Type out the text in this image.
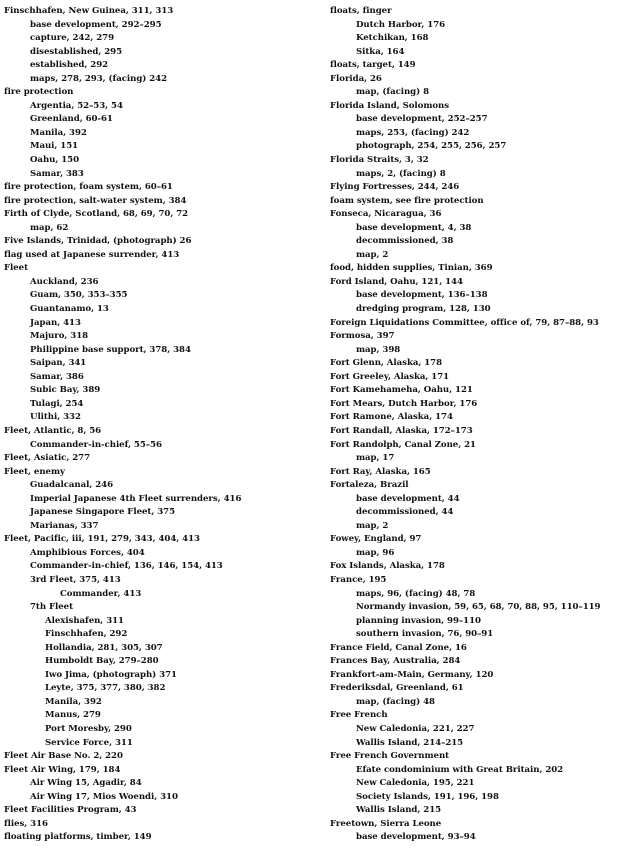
Finschhafen, New Guinea, 311, 313
base development, 292–295
capture, 242, 279
disestablished, 295
established, 292
maps, 278, 293, (facing) 242
fire protection
Argentia, 52–53, 54
Greenland, 60-61
Manila, 392
Maui, 151
Oahu, 150
Samar, 383
fire protection, foam system, 60–61
fire protection, salt-water system, 384
Firth of Clyde, Scotland, 68, 69, 70, 72
map, 62
Five Islands, Trinidad, (photograph) 26
flag used at Japanese surrender, 413
Fleet
Auckland, 236
Guam, 350, 353–355
Guantanamo, 13
Japan, 413
Majuro, 318
Philippine base support, 378, 384
Saipan, 341
Samar, 386
Subic Bay, 389
Tulagi, 254
Ulithi, 332
Fleet, Atlantic, 8, 56
Commander-in-chief, 55–56
Fleet, Asiatic, 277
Fleet, enemy
Guadalcanal, 246
Imperial Japanese 4th Fleet surrenders, 416
Japanese Singapore Fleet, 375
Marianas, 337
Fleet, Pacific, iii, 191, 279, 343, 404, 413
Amphibious Forces, 404
Commander-in-chief, 136, 146, 154, 413
3rd Fleet, 375, 413
Commander, 413
7th Fleet
Alexishafen, 311
Finschhafen, 292
Hollandia, 281, 305, 307
Humboldt Bay, 279–280
Iwo Jima, (photograph) 371
Leyte, 375, 377, 380, 382
Manila, 392
Manus, 279
Port Moresby, 290
Service Force, 311
Fleet Air Base No. 2, 220
Fleet Air Wing, 179, 184
Air Wing 15, Agadir, 84
Air Wing 17, Mios Woendi, 310
Fleet Facilities Program, 43
flies, 316
floating platforms, timber, 149
floats, finger
Dutch Harbor, 176
Ketchikan, 168
Sitka, 164
floats, target, 149
Florida, 26
map, (facing) 8
Florida Island, Solomons
base development, 252–257
maps, 253, (facing) 242
photograph, 254, 255, 256, 257
Florida Straits, 3, 32
maps, 2, (facing) 8
Flying Fortresses, 244, 246
foam system, see fire protection
Fonseca, Nicaragua, 36
base development, 4, 38
decommissioned, 38
map, 2
food, hidden supplies, Tinian, 369
Ford Island, Oahu, 121, 144
base development, 136–138
dredging program, 128, 130
Foreign Liquidations Committee, office of, 79, 87–88, 93
Formosa, 397
map, 398
Fort Glenn, Alaska, 178
Fort Greeley, Alaska, 171
Fort Kamehameha, Oahu, 121
Fort Mears, Dutch Harbor, 176
Fort Ramone, Alaska, 174
Fort Randall, Alaska, 172–173
Fort Randolph, Canal Zone, 21
map, 17
Fort Ray, Alaska, 165
Fortaleza, Brazil
base development, 44
decommissioned, 44
map, 2
Fowey, England, 97
map, 96
Fox Islands, Alaska, 178
France, 195
maps, 96, (facing) 48, 78
Normandy invasion, 59, 65, 68, 70, 88, 95, 110–119
planning invasion, 99–110
southern invasion, 76, 90–91
France Field, Canal Zone, 16
Frances Bay, Australia, 284
Frankfort-am-Main, Germany, 120
Frederiksdal, Greenland, 61
map, (facing) 48
Free French
New Caledonia, 221, 227
Wallis Island, 214–215
Free French Government
Efate condominium with Great Britain, 202
New Caledonia, 195, 221
Society Islands, 191, 196, 198
Wallis Island, 215
Freetown, Sierra Leone
base development, 93–94
